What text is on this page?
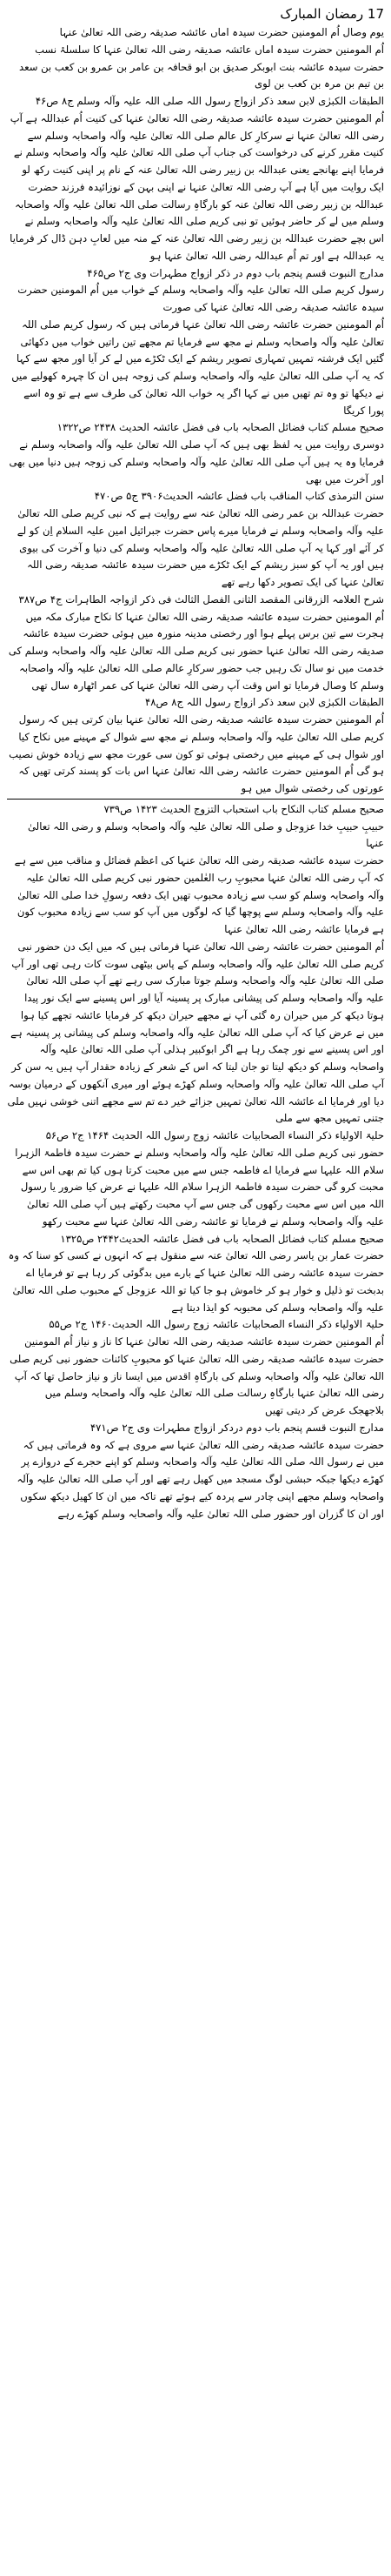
17 رمضان المبارک

یوم وصال اُم المومنین حضرت سیدہ اماں عائشہ صدیقہ رضی اللہ تعالیٰ عنہا

اُم المومنین حضرت سیدہ اماں عائشہ صدیقہ رضی اللہ تعالیٰ عنہا کا سلسلۂ نسب

حضرت سیدہ عائشہ بنت ابوبکر صدیق بن ابو قحافہ بن عامر بن عمرو بن کعب بن سعد بن تیم بن مرہ بن کعب بن لوی

الطبقات الکبرٰی لابن سعد ذکر ازواج رسول اللہ صلی اللہ علیہ وآلہ وسلم ج۸ ص۴۶

اُم المومنین حضرت سیدہ عائشہ صدیقہ رضی اللہ تعالیٰ عنہا کی کنیت اُم عبداللہ ہے آپ رضی اللہ تعالیٰ عنہا نے سرکارِ کل عالم صلی اللہ تعالیٰ علیہ وآلہ واصحابہ وسلم سے کنیت مقرر کرنے کی درخواست کی جناب آپ صلی اللہ تعالیٰ علیہ وآلہ واصحابہ وسلم نے فرمایا اپنے بھانجے یعنی عبداللہ بن زبیر رضی اللہ تعالیٰ عنہ کے نام پر اپنی کنیت رکھ لو

ایک روایت میں آیا ہے آپ رضی اللہ تعالیٰ عنہا نے اپنی بہن کے نوزائیدہ فرزند حضرت عبداللہ بن زبیر رضی اللہ تعالیٰ عنہ کو بارگاہِ رسالت صلی اللہ تعالیٰ علیہ وآلہ واصحابہ وسلم میں لے کر حاضر ہوئیں تو نبی کریم صلی اللہ تعالیٰ علیہ وآلہ واصحابہ وسلم نے اس بچے حضرت عبداللہ بن زبیر رضی اللہ تعالیٰ عنہ کے منہ میں لعابِ دہن ڈال کر فرمایا یہ عبداللہ ہے اور تم اُم عبداللہ رضی اللہ تعالیٰ عنہا ہو

مدارج النبوت قسم پنجم باب دوم در ذکر ازواج مطہرات وی ج۲ ص۴۶۵

رسول کریم صلی اللہ تعالیٰ علیہ وآلہ واصحابہ وسلم کے خواب میں اُم المومنین حضرت سیدہ عائشہ صدیقہ رضی اللہ تعالیٰ عنہا کی صورت

اُم المومنین حضرت عائشہ رضی اللہ تعالیٰ عنہا فرماتی ہیں کہ رسول کریم صلی اللہ تعالیٰ علیہ وآلہ واصحابہ وسلم نے مجھ سے فرمایا تم مجھے تین راتیں خواب میں دکھائی گئیں ایک فرشتہ تمہیں تمہاری تصویر ریشم کے ایک ٹکڑے میں لے کر آیا اور مجھ سے کہا کہ یہ آپ صلی اللہ تعالیٰ علیہ وآلہ واصحابہ وسلم کی زوجہ ہیں ان کا چہرہ کھولیے میں نے دیکھا تو وہ تم تھیں میں نے کہا اگر یہ خواب اللہ تعالیٰ کی طرف سے ہے تو وہ اسے پورا کریگا

صحیح مسلم کتاب فضائل الصحابہ باب فی فضل عائشہ الحدیث ۲۴۳۸ ص۱۳۲۲

دوسری روایت میں یہ لفظ بھی ہیں کہ آپ صلی اللہ تعالیٰ علیہ وآلہ واصحابہ وسلم نے فرمایا وہ یہ ہیں آپ صلی اللہ تعالیٰ علیہ وآلہ واصحابہ وسلم کی زوجہ ہیں دنیا میں بھی اور آخرت میں بھی

سنن الترمذی کتاب المناقب باب فضل عائشہ الحدیث۳۹۰۶ ج۵ ص۴۷۰

حضرت عبداللہ بن عمر رضی اللہ تعالیٰ عنہ سے روایت ہے کہ نبی کریم صلی اللہ تعالیٰ علیہ وآلہ واصحابہ وسلم نے فرمایا میرے پاس حضرت جبرائیل امین علیہ السلام اِن کو لے کر آئے اور کہا یہ آپ صلی اللہ تعالیٰ علیہ وآلہ واصحابہ وسلم کی دنیا و آخرت کی بیوی ہیں اور یہ آپ کو سبز ریشم کے ایک ٹکڑے میں حضرت سیدہ عائشہ صدیقہ رضی اللہ تعالیٰ عنہا کی ایک تصویر دکھا رہے تھے

شرح العلامہ الزرقانی المقصد الثانی الفصل الثالث فی ذکر ازواجہ الطاہرات ج۴ ص۳۸۷

اُم المومنین حضرت سیدہ عائشہ صدیقہ رضی اللہ تعالیٰ عنہا کا نکاح مبارک مکہ میں ہجرت سے تین برس پہلے ہوا اور رخصتی مدینہ منورہ میں ہوئی حضرت سیدہ عائشہ صدیقہ رضی اللہ تعالیٰ عنہا حضور نبی کریم صلی اللہ تعالیٰ علیہ وآلہ واصحابہ وسلم کی خدمت میں نو سال تک رہیں جب حضور سرکارِ عالم صلی اللہ تعالیٰ علیہ وآلہ واصحابہ وسلم کا وصال فرمایا تو اس وقت آپ رضی اللہ تعالیٰ عنہا کی عمر اٹھارہ سال تھی

الطبقات الکبرٰی لابن سعد ذکر ازواج رسول اللہ ج۸ ص۴۸

اُم المومنین حضرت سیدہ عائشہ صدیقہ رضی اللہ تعالیٰ عنہا بیان کرتی ہیں کہ رسول کریم صلی اللہ تعالیٰ علیہ وآلہ واصحابہ وسلم نے مجھ سے شوال کے مہینے میں نکاح کیا اور شوال ہی کے مہینے میں رخصتی ہوئی تو کون سی عورت مجھ سے زیادہ خوش نصیب ہو گی اُم المومنین حضرت عائشہ رضی اللہ تعالیٰ عنہا اس بات کو پسند کرتی تھیں کہ عورتوں کی رخصتی شوال میں ہو

صحیح مسلم کتاب النکاح باب استحباب التزوج الحدیث ۱۴۲۳ ص۷۳۹

حبیبِ حبیبِ خدا عزوجل و صلی اللہ تعالیٰ علیہ وآلہ واصحابہ وسلم و رضی اللہ تعالیٰ عنہا

حضرت سیدہ عائشہ صدیقہ رضی اللہ تعالیٰ عنہا کی اعظم فضائل و مناقب میں سے ہے کہ آپ رضی اللہ تعالیٰ عنہا محبوبِ رب العٰلمین حضور نبی کریم صلی اللہ تعالیٰ علیہ وآلہ واصحابہ وسلم کو سب سے زیادہ محبوب تھیں ایک دفعہ رسولِ خدا صلی اللہ تعالیٰ علیہ وآلہ واصحابہ وسلم سے پوچھا گیا کہ لوگوں میں آپ کو سب سے زیادہ محبوب کون ہے فرمایا عائشہ رضی اللہ تعالیٰ عنہا

اُم المومنین حضرت عائشہ رضی اللہ تعالیٰ عنہا فرماتی ہیں کہ میں ایک دن حضور نبی کریم صلی اللہ تعالیٰ علیہ وآلہ واصحابہ وسلم کے پاس بیٹھی سوت کات رہی تھی اور آپ صلی اللہ تعالیٰ علیہ وآلہ واصحابہ وسلم جوتا مبارک سی رہے تھے آپ صلی اللہ تعالیٰ علیہ وآلہ واصحابہ وسلم کی پیشانی مبارک پر پسینہ آیا اور اس پسینے سے ایک نور پیدا ہوتا دیکھ کر میں حیران رہ گئی آپ نے مجھے حیران دیکھ کر فرمایا عائشہ تجھے کیا ہوا میں نے عرض کیا کہ آپ صلی اللہ تعالیٰ علیہ وآلہ واصحابہ وسلم کی پیشانی پر پسینہ ہے اور اس پسینے سے نور چمک رہا ہے اگر ابوکبیر ہذلی آپ صلی اللہ تعالیٰ علیہ وآلہ واصحابہ وسلم کو دیکھ لیتا تو جان لیتا کہ اس کے شعر کے زیادہ حقدار آپ ہیں یہ سن کر آپ صلی اللہ تعالیٰ علیہ وآلہ واصحابہ وسلم کھڑے ہوئے اور میری آنکھوں کے درمیان بوسہ دیا اور فرمایا اے عائشہ اللہ تعالیٰ تمہیں جزائے خیر دے تم سے مجھے اتنی خوشی نہیں ملی جتنی تمہیں مجھ سے ملی

حلیۃ الاولیاء ذکر النساء الصحابیات عائشہ زوج رسول اللہ الحدیث ۱۴۶۴ ج۲ ص۵۶

حضور نبی کریم صلی اللہ تعالیٰ علیہ وآلہ واصحابہ وسلم نے حضرت سیدہ فاطمۃ الزہرا سلام اللہ علیہا سے فرمایا اے فاطمہ جس سے میں محبت کرتا ہوں کیا تم بھی اس سے محبت کرو گی حضرت سیدہ فاطمۃ الزہرا سلام اللہ علیہا نے عرض کیا ضرور یا رسول اللہ میں اس سے محبت رکھوں گی جس سے آپ محبت رکھتے ہیں آپ صلی اللہ تعالیٰ علیہ وآلہ واصحابہ وسلم نے فرمایا تو عائشہ رضی اللہ تعالیٰ عنہا سے محبت رکھو

صحیح مسلم کتاب فضائل الصحابہ باب فی فضل عائشہ الحدیث۲۴۴۲ ص۱۳۲۵

حضرت عمار بن یاسر رضی اللہ تعالیٰ عنہ سے منقول ہے کہ انہوں نے کسی کو سنا کہ وہ حضرت سیدہ عائشہ رضی اللہ تعالیٰ عنہا کے بارے میں بدگوئی کر رہا ہے تو فرمایا اے بدبخت تو ذلیل و خوار ہو کر خاموش ہو جا کیا تو اللہ عزوجل کے محبوب صلی اللہ تعالیٰ علیہ وآلہ واصحابہ وسلم کی محبوبہ کو ایذا دیتا ہے

حلیۃ الاولیاء ذکر النساء الصحابیات عائشہ زوج رسول اللہ الحدیث۱۴۶۰ ج۲ ص۵۵

اُم المومنین حضرت سیدہ عائشہ صدیقہ رضی اللہ تعالیٰ عنہا کا ناز و نیاز اُم المومنین حضرت سیدہ عائشہ صدیقہ رضی اللہ تعالیٰ عنہا کو محبوبِ کائنات حضور نبی کریم صلی اللہ تعالیٰ علیہ وآلہ واصحابہ وسلم کی بارگاہِ اقدس میں ایسا ناز و نیاز حاصل تھا کہ آپ رضی اللہ تعالیٰ عنہا بارگاہِ رسالت صلی اللہ تعالیٰ علیہ وآلہ واصحابہ وسلم میں بلاجھجک عرض کر دیتی تھیں

مدارج النبوت قسم پنجم باب دوم دردکر ازواج مطہرات وی ج۲ ص۴۷۱

حضرت سیدہ عائشہ صدیقہ رضی اللہ تعالیٰ عنہا سے مروی ہے کہ وہ فرماتی ہیں کہ میں نے رسول اللہ صلی اللہ تعالیٰ علیہ وآلہ واصحابہ وسلم کو اپنے حجرے کے دروازے پر کھڑے دیکھا جبکہ حبشی لوگ مسجد میں کھیل رہے تھے اور آپ صلی اللہ تعالیٰ علیہ وآلہ واصحابہ وسلم مجھے اپنی چادر سے پردہ کیے ہوئے تھے تاکہ میں ان کا کھیل دیکھ سکوں اور ان کا گزران اور حضور صلی اللہ تعالیٰ علیہ وآلہ واصحابہ وسلم کھڑے رہے
